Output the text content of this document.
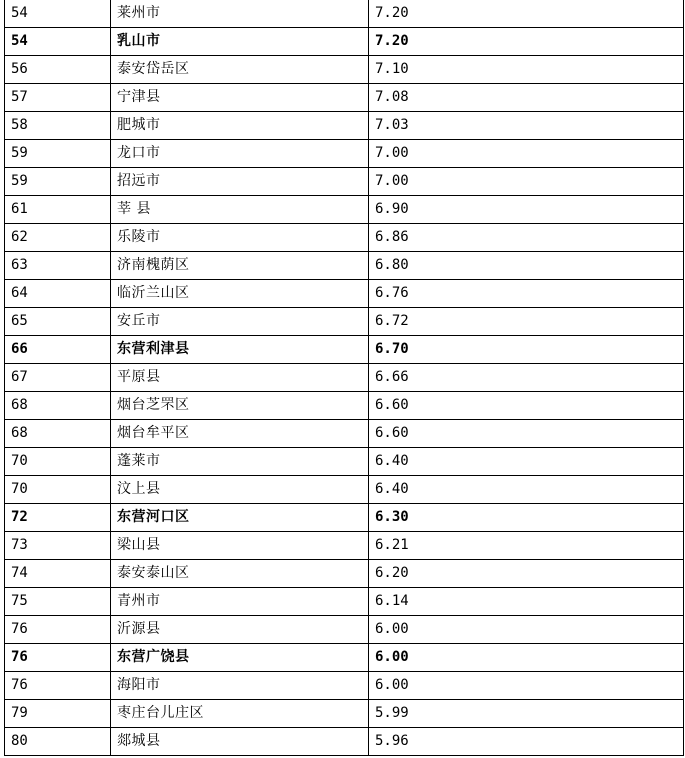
54	莱州市	7.20
54	乳山市	7.20
56	泰安岱岳区	7.10
57	宁津县	7.08
58	肥城市	7.03
59	龙口市	7.00
59	招远市	7.00
61	莘 县	6.90
62	乐陵市	6.86
63	济南槐荫区	6.80
64	临沂兰山区	6.76
65	安丘市	6.72
66	东营利津县	6.70
67	平原县	6.66
68	烟台芝罘区	6.60
68	烟台牟平区	6.60
70	蓬莱市	6.40
70	汶上县	6.40
72	东营河口区	6.30
73	梁山县	6.21
74	泰安泰山区	6.20
75	青州市	6.14
76	沂源县	6.00
76	东营广饶县	6.00
76	海阳市	6.00
79	枣庄台儿庄区	5.99
80	郯城县	5.96
